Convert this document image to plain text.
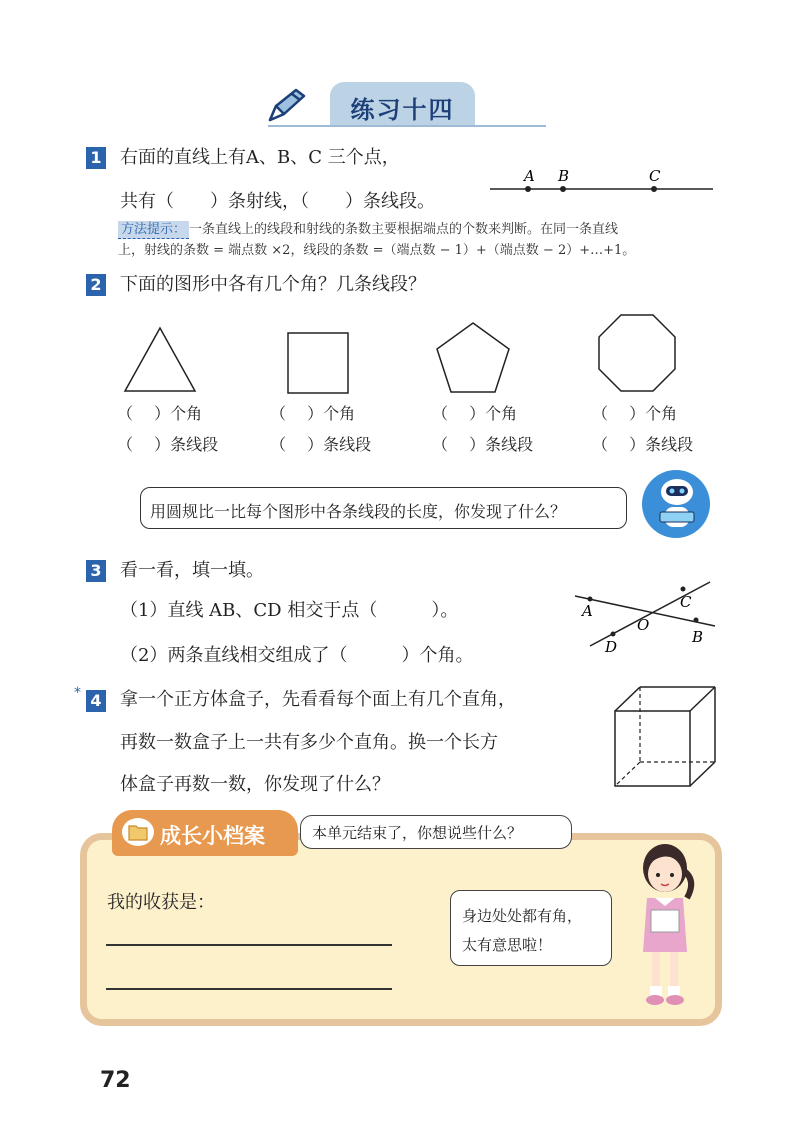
练习十四
1 右面的直线上有A、B、C 三个点，
共有（　　）条射线，（　　）条线段。
A B	C
方法提示： 一条直线上的线段和射线的条数主要根据端点的个数来判断。在同一条直线
上，射线的条数 = 端点数 ×2，线段的条数 =（端点数 − 1）+（端点数 − 2）+…+1。
2 下面的图形中各有几个角？几条线段？
（　 ）个角
（　 ）条线段
（　 ）个角
（　 ）条线段
（　 ）个角
（　 ）条线段
（　 ）个角
（　 ）条线段
用圆规比一比每个图形中各条线段的长度，你发现了什么？
3 看一看，填一填。
（1）直线 AB、CD 相交于点（　　　）。
（2）两条直线相交组成了（　　　）个角。
A	C
O
D
B
* 4 拿一个正方体盒子，先看看每个面上有几个直角，
再数一数盒子上一共有多少个直角。换一个长方
体盒子再数一数，你发现了什么？
成长小档案	本单元结束了，你想说些什么？
我的收获是：
身边处处都有角，
太有意思啦！
72
